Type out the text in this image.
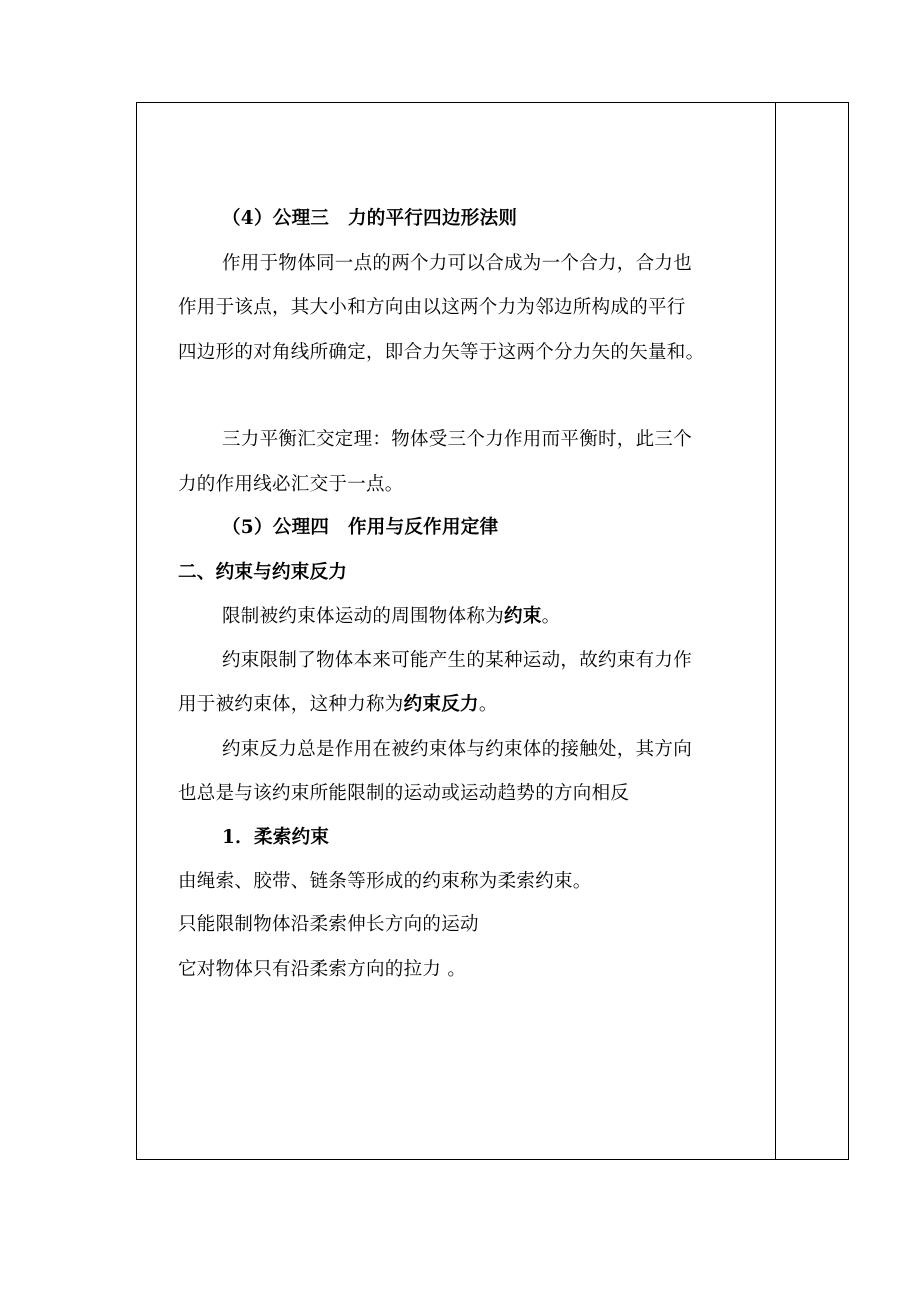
（4）公理三　力的平行四边形法则
作用于物体同一点的两个力可以合成为一个合力，合力也
作用于该点，其大小和方向由以这两个力为邻边所构成的平行
四边形的对角线所确定，即合力矢等于这两个分力矢的矢量和。
三力平衡汇交定理：物体受三个力作用而平衡时，此三个
力的作用线必汇交于一点。
（5）公理四　作用与反作用定律
二、约束与约束反力
限制被约束体运动的周围物体称为约束。
约束限制了物体本来可能产生的某种运动，故约束有力作
用于被约束体，这种力称为约束反力。
约束反力总是作用在被约束体与约束体的接触处，其方向
也总是与该约束所能限制的运动或运动趋势的方向相反
1．柔索约束
由绳索、胶带、链条等形成的约束称为柔索约束。
只能限制物体沿柔索伸长方向的运动
它对物体只有沿柔索方向的拉力 。
